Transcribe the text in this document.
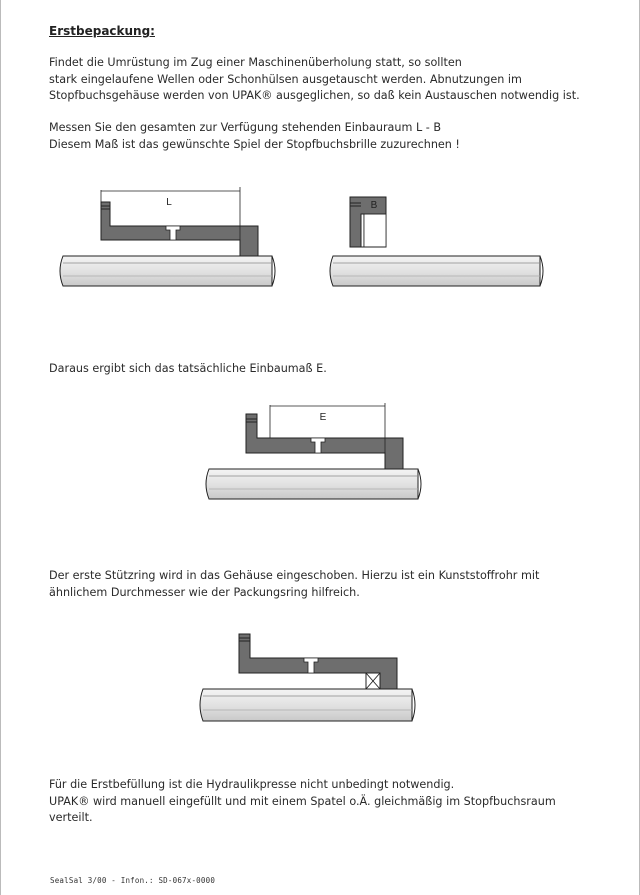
Erstbepackung:
Findet die Umrüstung im Zug einer Maschinenüberholung statt, so sollten
stark eingelaufene Wellen oder Schonhülsen ausgetauscht werden. Abnutzungen im
Stopfbuchsgehäuse werden von UPAK® ausgeglichen, so daß kein Austauschen notwendig ist.
Messen Sie den gesamten zur Verfügung stehenden Einbauraum L - B
Diesem Maß ist das gewünschte Spiel der Stopfbuchsbrille zuzurechnen !
Daraus ergibt sich das tatsächliche Einbaumaß E.
Der erste Stützring wird in das Gehäuse eingeschoben. Hierzu ist ein Kunststoffrohr mit
ähnlichem Durchmesser wie der Packungsring hilfreich.
Für die Erstbefüllung ist die Hydraulikpresse nicht unbedingt notwendig.
UPAK® wird manuell eingefüllt und mit einem Spatel o.Ä. gleichmäßig im Stopfbuchsraum
verteilt.
SealSal 3/00 - Infon.: SD-067x-0000
L	B
E
